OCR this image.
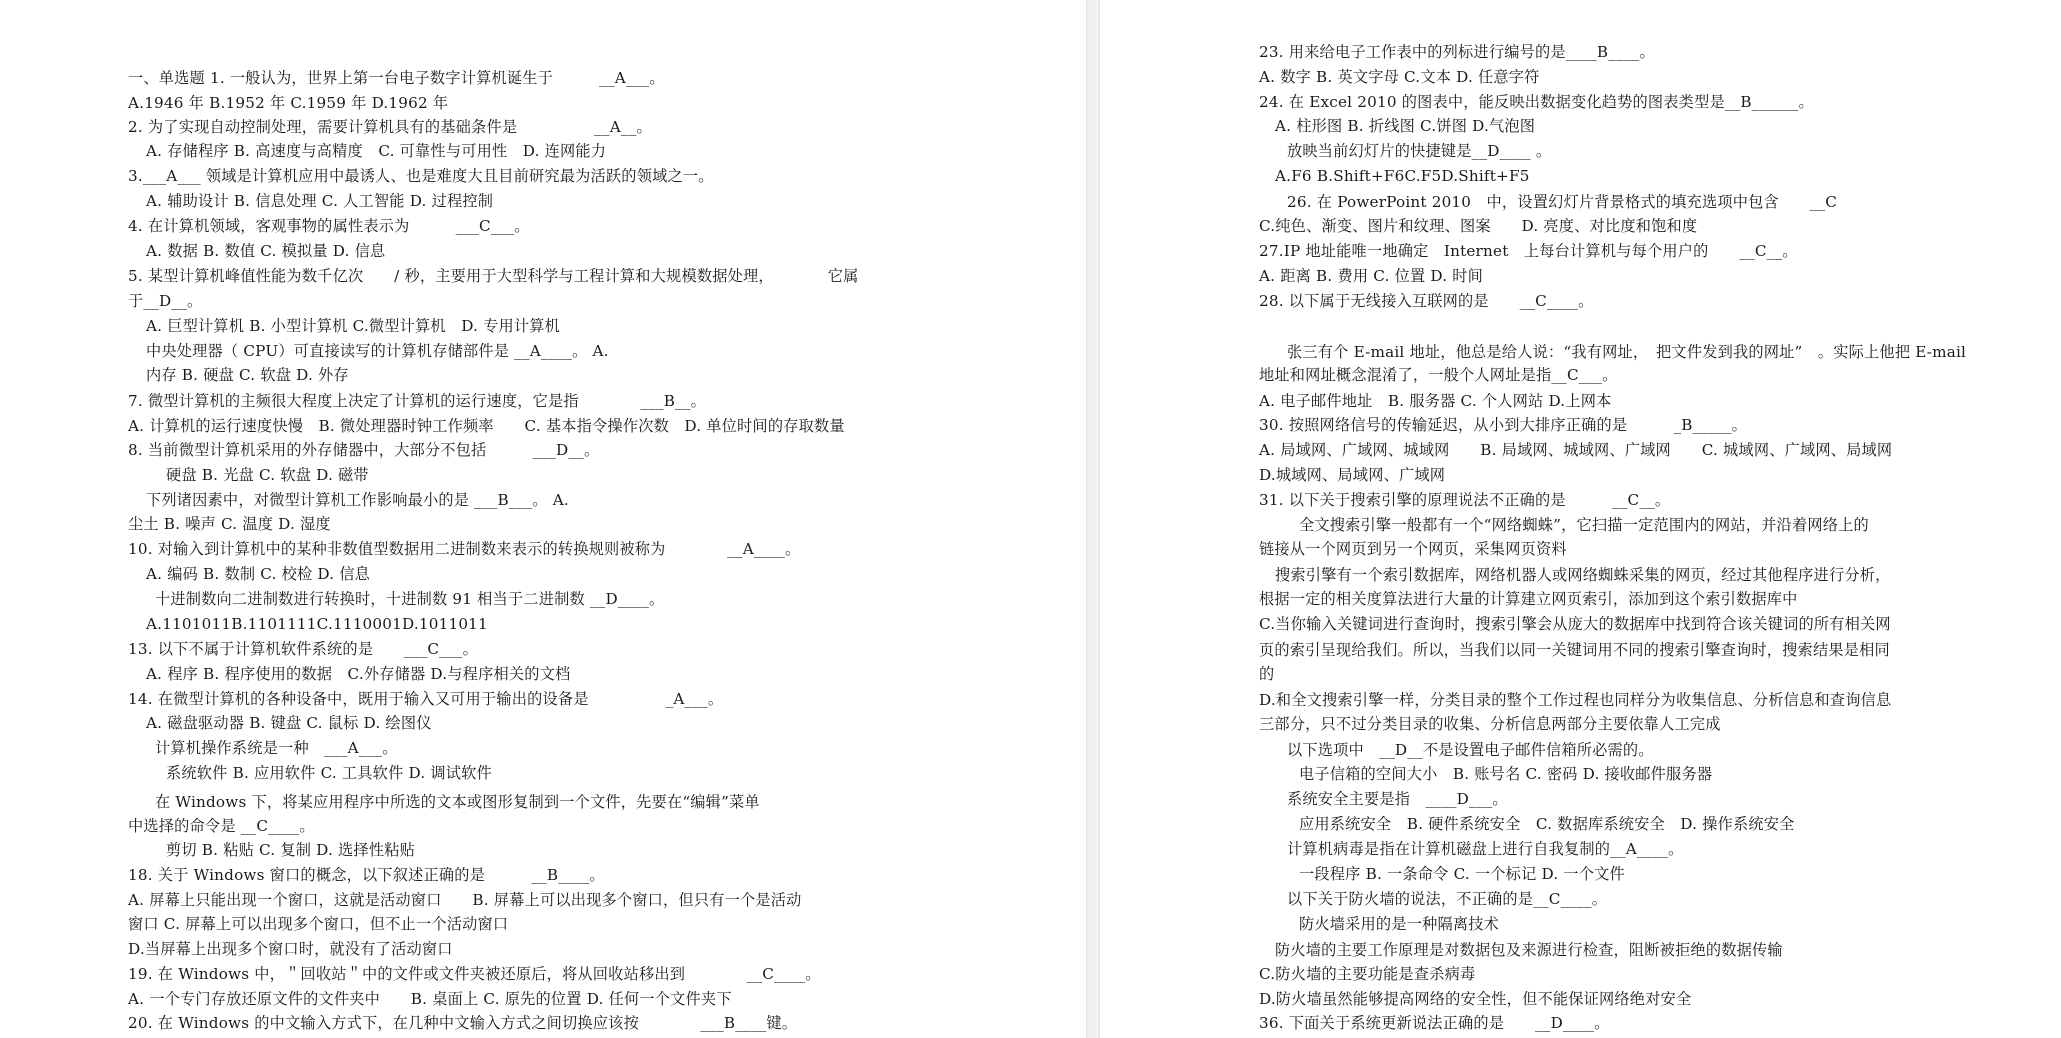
一、单选题 1. 一般认为，世界上第一台电子数字计算机诞生于　　　__A___。
A.1946 年 B.1952 年 C.1959 年 D.1962 年
2. 为了实现自动控制处理，需要计算机具有的基础条件是　　　　　__A__。
A. 存储程序 B. 高速度与高精度　C. 可靠性与可用性　D. 连网能力
3.___A___ 领域是计算机应用中最诱人、也是难度大且目前研究最为活跃的领域之一。
A. 辅助设计 B. 信息处理 C. 人工智能 D. 过程控制
4. 在计算机领域，客观事物的属性表示为　　　___C___。
A. 数据 B. 数值 C. 模拟量 D. 信息
5. 某型计算机峰值性能为数千亿次　　/ 秒，主要用于大型科学与工程计算和大规模数据处理，　　　　它属
于__D__。
A. 巨型计算机 B. 小型计算机 C.微型计算机　D. 专用计算机
中央处理器（ CPU）可直接读写的计算机存储部件是 __A____。 A.
内存 B. 硬盘 C. 软盘 D. 外存
7. 微型计算机的主频很大程度上决定了计算机的运行速度，它是指　　　　___B__。
A. 计算机的运行速度快慢　B. 微处理器时钟工作频率　　C. 基本指令操作次数　D. 单位时间的存取数量
8. 当前微型计算机采用的外存储器中，大部分不包括　　　___D__。
硬盘 B. 光盘 C. 软盘 D. 磁带
下列诸因素中，对微型计算机工作影响最小的是 ___B___。 A.
尘土 B. 噪声 C. 温度 D. 湿度
10. 对输入到计算机中的某种非数值型数据用二进制数来表示的转换规则被称为　　　　__A____。
A. 编码 B. 数制 C. 校检 D. 信息
十进制数向二进制数进行转换时，十进制数 91 相当于二进制数 __D____。
A.1101011B.1101111C.1110001D.1011011
13. 以下不属于计算机软件系统的是　　___C___。
A. 程序 B. 程序使用的数据　C.外存储器 D.与程序相关的文档
14. 在微型计算机的各种设备中，既用于输入又可用于输出的设备是　　　　　_A___。
A. 磁盘驱动器 B. 键盘 C. 鼠标 D. 绘图仪
计算机操作系统是一种　___A___。
系统软件 B. 应用软件 C. 工具软件 D. 调试软件
在 Windows 下，将某应用程序中所选的文本或图形复制到一个文件，先要在“编辑”菜单
中选择的命令是 __C____。
剪切 B. 粘贴 C. 复制 D. 选择性粘贴
18. 关于 Windows 窗口的概念，以下叙述正确的是　　　__B____。
A. 屏幕上只能出现一个窗口，这就是活动窗口　　B. 屏幕上可以出现多个窗口，但只有一个是活动
窗口 C. 屏幕上可以出现多个窗口，但不止一个活动窗口
D.当屏幕上出现多个窗口时，就没有了活动窗口
19. 在 Windows 中，＂回收站＂中的文件或文件夹被还原后，将从回收站移出到　　　　__C____。
A. 一个专门存放还原文件的文件夹中　　B. 桌面上 C. 原先的位置 D. 任何一个文件夹下
20. 在 Windows 的中文输入方式下，在几种中文输入方式之间切换应该按　　　　___B____键。
23. 用来给电子工作表中的列标进行编号的是____B____。
A. 数字 B. 英文字母 C.文本 D. 任意字符
24. 在 Excel 2010 的图表中，能反映出数据变化趋势的图表类型是__B______。
A. 柱形图 B. 折线图 C.饼图 D.气泡图
放映当前幻灯片的快捷键是__D____ 。
A.F6 B.Shift+F6C.F5D.Shift+F5
26. 在 PowerPoint 2010　中，设置幻灯片背景格式的填充选项中包含　　__C
C.纯色、渐变、图片和纹理、图案　　D. 亮度、对比度和饱和度
27.IP 地址能唯一地确定　Internet　上每台计算机与每个用户的　　__C__。
A. 距离 B. 费用 C. 位置 D. 时间
28. 以下属于无线接入互联网的是　　__C____。
张三有个 E-mail 地址，他总是给人说：“我有网址，　把文件发到我的网址”　。实际上他把 E-mail
地址和网址概念混淆了，一般个人网址是指__C___。
A. 电子邮件地址　B. 服务器 C. 个人网站 D.上网本
30. 按照网络信号的传输延迟，从小到大排序正确的是　　　_B_____。
A. 局域网、广域网、城域网　　B. 局域网、城域网、广域网　　C. 城域网、广域网、局域网
D.城域网、局域网、广域网
31. 以下关于搜索引擎的原理说法不正确的是　　　__C__。
全文搜索引擎一般都有一个“网络蜘蛛”，它扫描一定范围内的网站，并沿着网络上的
链接从一个网页到另一个网页，采集网页资料
搜索引擎有一个索引数据库，网络机器人或网络蜘蛛采集的网页，经过其他程序进行分析，
根据一定的相关度算法进行大量的计算建立网页索引，添加到这个索引数据库中
C.当你输入关键词进行查询时，搜索引擎会从庞大的数据库中找到符合该关键词的所有相关网
页的索引呈现给我们。所以，当我们以同一关键词用不同的搜索引擎查询时，搜索结果是相同
的
D.和全文搜索引擎一样，分类目录的整个工作过程也同样分为收集信息、分析信息和查询信息
三部分，只不过分类目录的收集、分析信息两部分主要依靠人工完成
以下选项中　__D__不是设置电子邮件信箱所必需的。
电子信箱的空间大小　B. 账号名 C. 密码 D. 接收邮件服务器
系统安全主要是指　____D___。
应用系统安全　B. 硬件系统安全　C. 数据库系统安全　D. 操作系统安全
计算机病毒是指在计算机磁盘上进行自我复制的__A____。
一段程序 B. 一条命令 C. 一个标记 D. 一个文件
以下关于防火墙的说法，不正确的是__C____。
防火墙采用的是一种隔离技术
防火墙的主要工作原理是对数据包及来源进行检查，阻断被拒绝的数据传输
C.防火墙的主要功能是查杀病毒
D.防火墙虽然能够提高网络的安全性，但不能保证网络绝对安全
36. 下面关于系统更新说法正确的是　　__D____。
